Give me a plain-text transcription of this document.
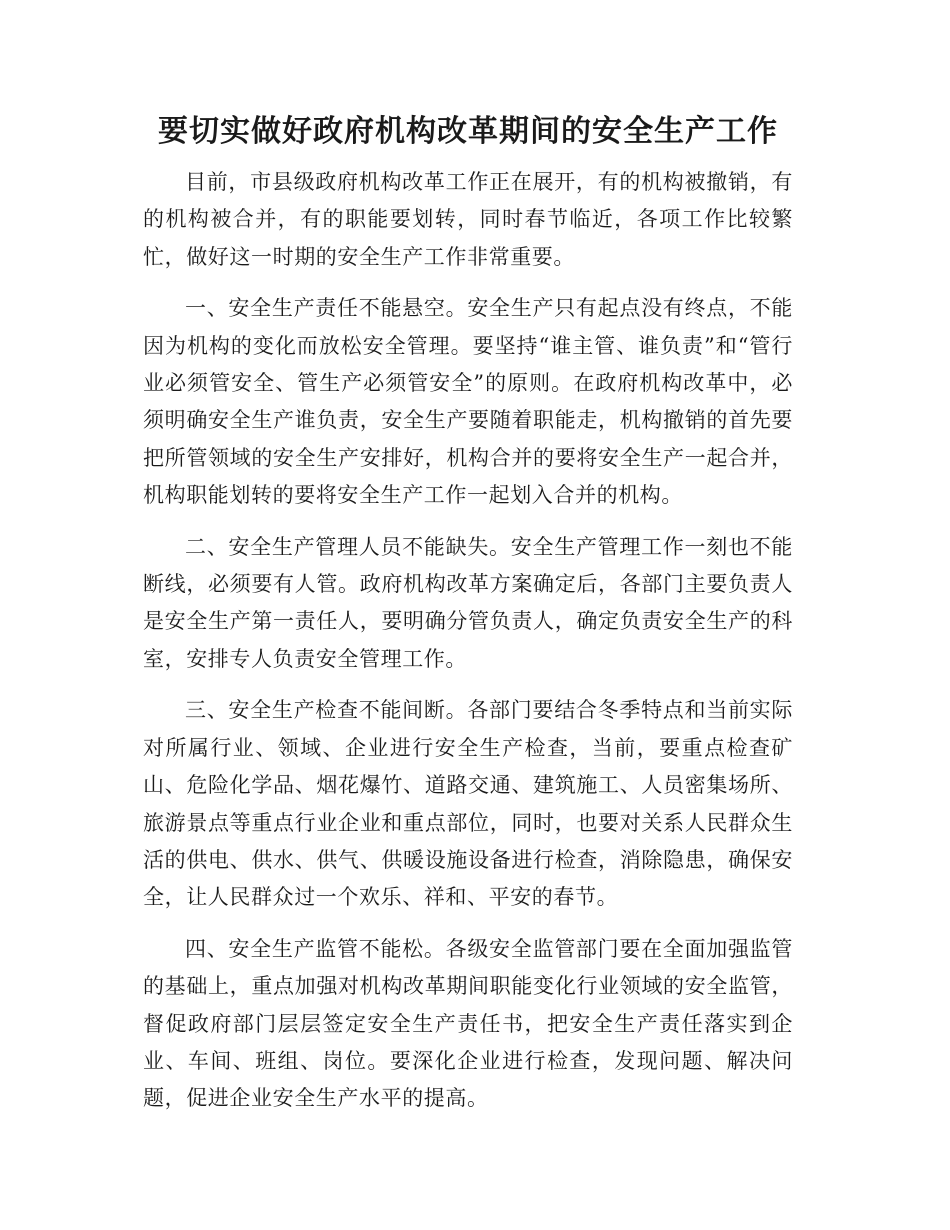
要切实做好政府机构改革期间的安全生产工作

目前，市县级政府机构改革工作正在展开，有的机构被撤销，有的机构被合并，有的职能要划转，同时春节临近，各项工作比较繁忙，做好这一时期的安全生产工作非常重要。

一、安全生产责任不能悬空。安全生产只有起点没有终点，不能因为机构的变化而放松安全管理。要坚持“谁主管、谁负责”和“管行业必须管安全、管生产必须管安全”的原则。在政府机构改革中，必须明确安全生产谁负责，安全生产要随着职能走，机构撤销的首先要把所管领域的安全生产安排好，机构合并的要将安全生产一起合并，机构职能划转的要将安全生产工作一起划入合并的机构。

二、安全生产管理人员不能缺失。安全生产管理工作一刻也不能断线，必须要有人管。政府机构改革方案确定后，各部门主要负责人是安全生产第一责任人，要明确分管负责人，确定负责安全生产的科室，安排专人负责安全管理工作。

三、安全生产检查不能间断。各部门要结合冬季特点和当前实际对所属行业、领域、企业进行安全生产检查，当前，要重点检查矿山、危险化学品、烟花爆竹、道路交通、建筑施工、人员密集场所、旅游景点等重点行业企业和重点部位，同时，也要对关系人民群众生活的供电、供水、供气、供暖设施设备进行检查，消除隐患，确保安全，让人民群众过一个欢乐、祥和、平安的春节。

四、安全生产监管不能松。各级安全监管部门要在全面加强监管的基础上，重点加强对机构改革期间职能变化行业领域的安全监管，督促政府部门层层签定安全生产责任书，把安全生产责任落实到企业、车间、班组、岗位。要深化企业进行检查，发现问题、解决问题，促进企业安全生产水平的提高。
